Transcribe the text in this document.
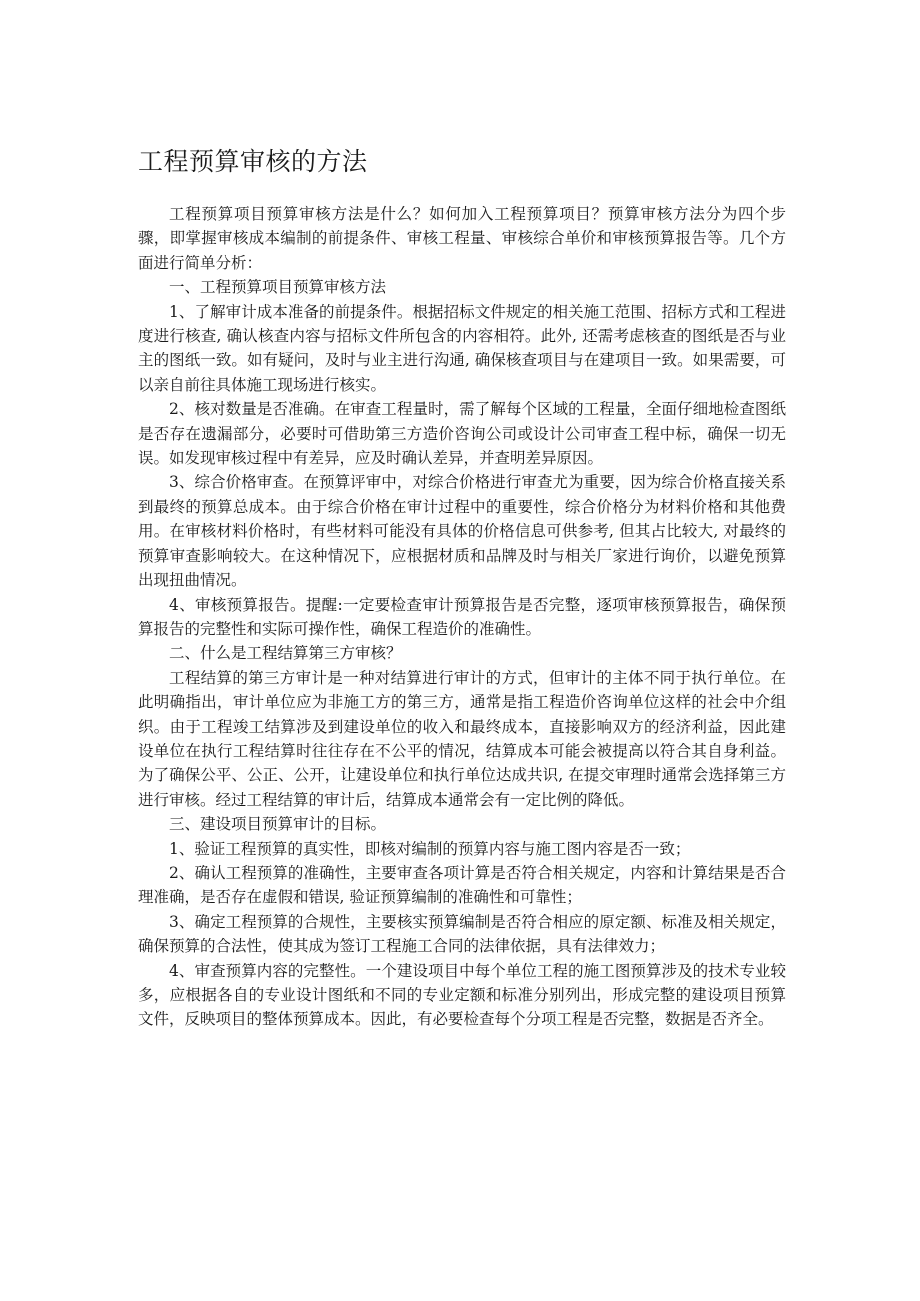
工程预算审核的方法

工程预算项目预算审核方法是什么？如何加入工程预算项目？预算审核方法分为四个步骤，即掌握审核成本编制的前提条件、审核工程量、审核综合单价和审核预算报告等。几个方面进行简单分析：

一、工程预算项目预算审核方法

1、了解审计成本准备的前提条件。根据招标文件规定的相关施工范围、招标方式和工程进度进行核查, 确认核查内容与招标文件所包含的内容相符。此外, 还需考虑核查的图纸是否与业主的图纸一致。如有疑问，及时与业主进行沟通, 确保核查项目与在建项目一致。如果需要，可以亲自前往具体施工现场进行核实。

2、核对数量是否准确。在审查工程量时，需了解每个区域的工程量，全面仔细地检查图纸是否存在遗漏部分，必要时可借助第三方造价咨询公司或设计公司审查工程中标，确保一切无误。如发现审核过程中有差异，应及时确认差异，并查明差异原因。

3、综合价格审查。在预算评审中，对综合价格进行审查尤为重要，因为综合价格直接关系到最终的预算总成本。由于综合价格在审计过程中的重要性，综合价格分为材料价格和其他费用。在审核材料价格时，有些材料可能没有具体的价格信息可供参考, 但其占比较大, 对最终的预算审查影响较大。在这种情况下，应根据材质和品牌及时与相关厂家进行询价，以避免预算出现扭曲情况。

4、审核预算报告。提醒:一定要检查审计预算报告是否完整，逐项审核预算报告，确保预算报告的完整性和实际可操作性，确保工程造价的准确性。

二、什么是工程结算第三方审核？

工程结算的第三方审计是一种对结算进行审计的方式，但审计的主体不同于执行单位。在此明确指出，审计单位应为非施工方的第三方，通常是指工程造价咨询单位这样的社会中介组织。由于工程竣工结算涉及到建设单位的收入和最终成本，直接影响双方的经济利益，因此建设单位在执行工程结算时往往存在不公平的情况，结算成本可能会被提高以符合其自身利益。为了确保公平、公正、公开，让建设单位和执行单位达成共识, 在提交审理时通常会选择第三方进行审核。经过工程结算的审计后，结算成本通常会有一定比例的降低。

三、建设项目预算审计的目标。

1、验证工程预算的真实性，即核对编制的预算内容与施工图内容是否一致；

2、确认工程预算的准确性，主要审查各项计算是否符合相关规定，内容和计算结果是否合理准确，是否存在虚假和错误, 验证预算编制的准确性和可靠性；

3、确定工程预算的合规性，主要核实预算编制是否符合相应的原定额、标准及相关规定，确保预算的合法性，使其成为签订工程施工合同的法律依据，具有法律效力；

4、审查预算内容的完整性。一个建设项目中每个单位工程的施工图预算涉及的技术专业较多，应根据各自的专业设计图纸和不同的专业定额和标准分别列出，形成完整的建设项目预算文件，反映项目的整体预算成本。因此，有必要检查每个分项工程是否完整，数据是否齐全。
